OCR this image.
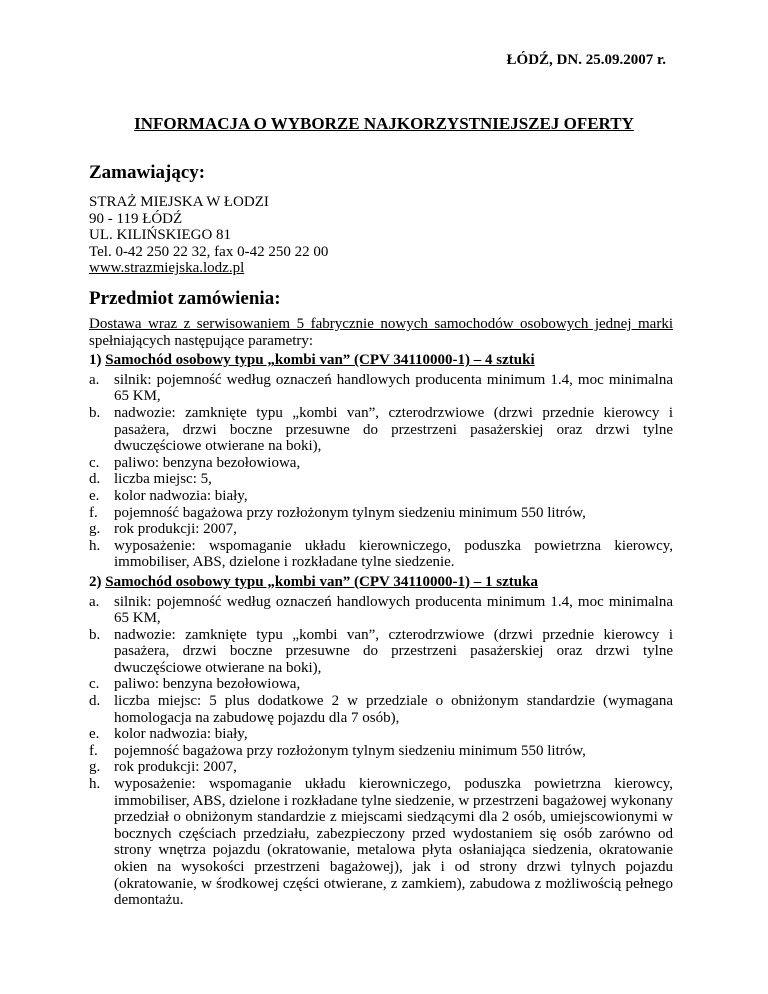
ŁÓDŹ, DN. 25.09.2007 r.
INFORMACJA O WYBORZE NAJKORZYSTNIEJSZEJ OFERTY
Zamawiający:
STRAŻ MIEJSKA W ŁODZI
90 - 119 ŁÓDŹ
UL. KILIŃSKIEGO 81
Tel. 0-42 250 22 32, fax 0-42 250 22 00
www.strazmiejska.lodz.pl
Przedmiot zamówienia:
Dostawa wraz z serwisowaniem 5 fabrycznie nowych samochodów osobowych jednej marki spełniających następujące parametry:
1) Samochód osobowy typu „kombi van” (CPV 34110000-1) – 4 sztuki
a. silnik: pojemność według oznaczeń handlowych producenta minimum 1.4, moc minimalna 65 KM,
b. nadwozie: zamknięte typu „kombi van”, czterodrzwiowe (drzwi przednie kierowcy i pasażera, drzwi boczne przesuwne do przestrzeni pasażerskiej oraz drzwi tylne dwuczęściowe otwierane na boki),
c. paliwo: benzyna bezołowiowa,
d. liczba miejsc: 5,
e. kolor nadwozia: biały,
f. pojemność bagażowa przy rozłożonym tylnym siedzeniu minimum 550 litrów,
g. rok produkcji: 2007,
h. wyposażenie: wspomaganie układu kierowniczego, poduszka powietrzna kierowcy, immobiliser, ABS, dzielone i rozkładane tylne siedzenie.
2) Samochód osobowy typu „kombi van” (CPV 34110000-1) – 1 sztuka
a. silnik: pojemność według oznaczeń handlowych producenta minimum 1.4, moc minimalna 65 KM,
b. nadwozie: zamknięte typu „kombi van”, czterodrzwiowe (drzwi przednie kierowcy i pasażera, drzwi boczne przesuwne do przestrzeni pasażerskiej oraz drzwi tylne dwuczęściowe otwierane na boki),
c. paliwo: benzyna bezołowiowa,
d. liczba miejsc: 5 plus dodatkowe 2 w przedziale o obniżonym standardzie (wymagana homologacja na zabudowę pojazdu dla 7 osób),
e. kolor nadwozia: biały,
f. pojemność bagażowa przy rozłożonym tylnym siedzeniu minimum 550 litrów,
g. rok produkcji: 2007,
h. wyposażenie: wspomaganie układu kierowniczego, poduszka powietrzna kierowcy, immobiliser, ABS, dzielone i rozkładane tylne siedzenie, w przestrzeni bagażowej wykonany przedział o obniżonym standardzie z miejscami siedzącymi dla 2 osób, umiejscowionymi w bocznych częściach przedziału, zabezpieczony przed wydostaniem się osób zarówno od strony wnętrza pojazdu (okratowanie, metalowa płyta osłaniająca siedzenia, okratowanie okien na wysokości przestrzeni bagażowej), jak i od strony drzwi tylnych pojazdu (okratowanie, w środkowej części otwierane, z zamkiem), zabudowa z możliwością pełnego demontażu.
